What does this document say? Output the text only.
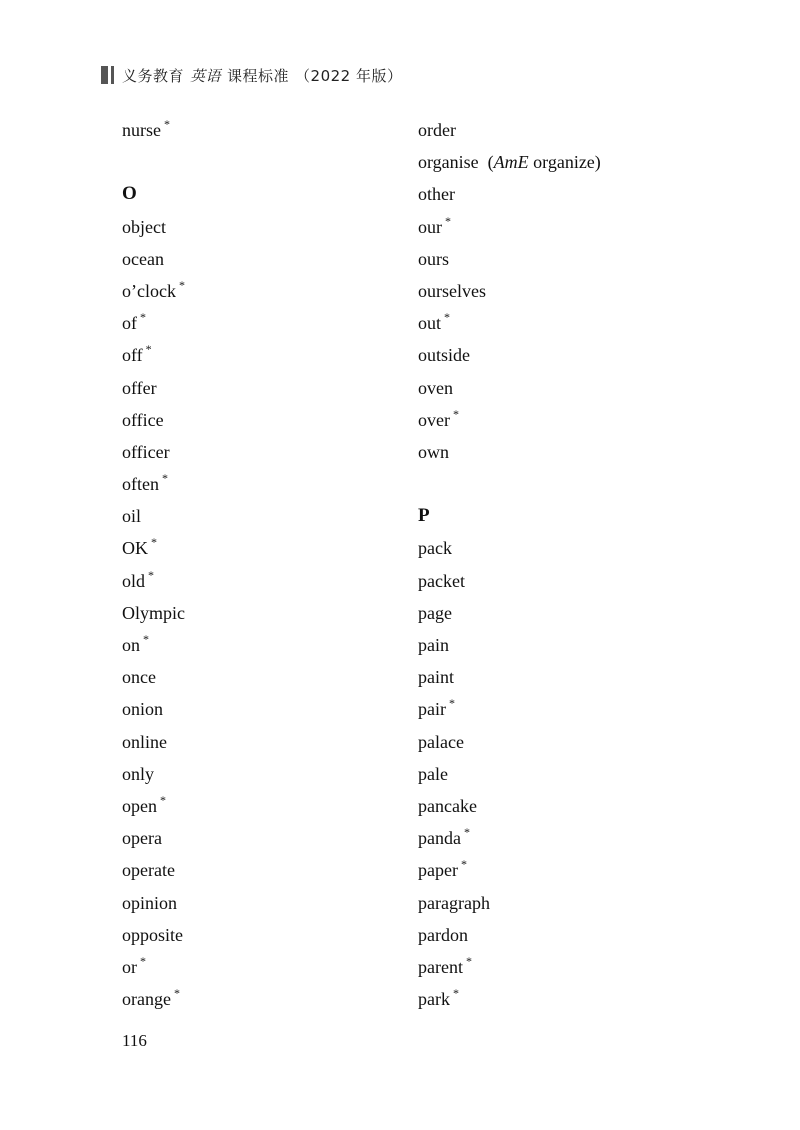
义务教育 英语 课程标准 （2022 年版）
nurse *
O
object
ocean
o’clock *
of *
off *
offer
office
officer
often *
oil
OK *
old *
Olympic
on *
once
onion
online
only
open *
opera
operate
opinion
opposite
or *
orange *
order
organise (AmE organize)
other
our *
ours
ourselves
out *
outside
oven
over *
own
P
pack
packet
page
pain
paint
pair *
palace
pale
pancake
panda *
paper *
paragraph
pardon
parent *
park *
116
